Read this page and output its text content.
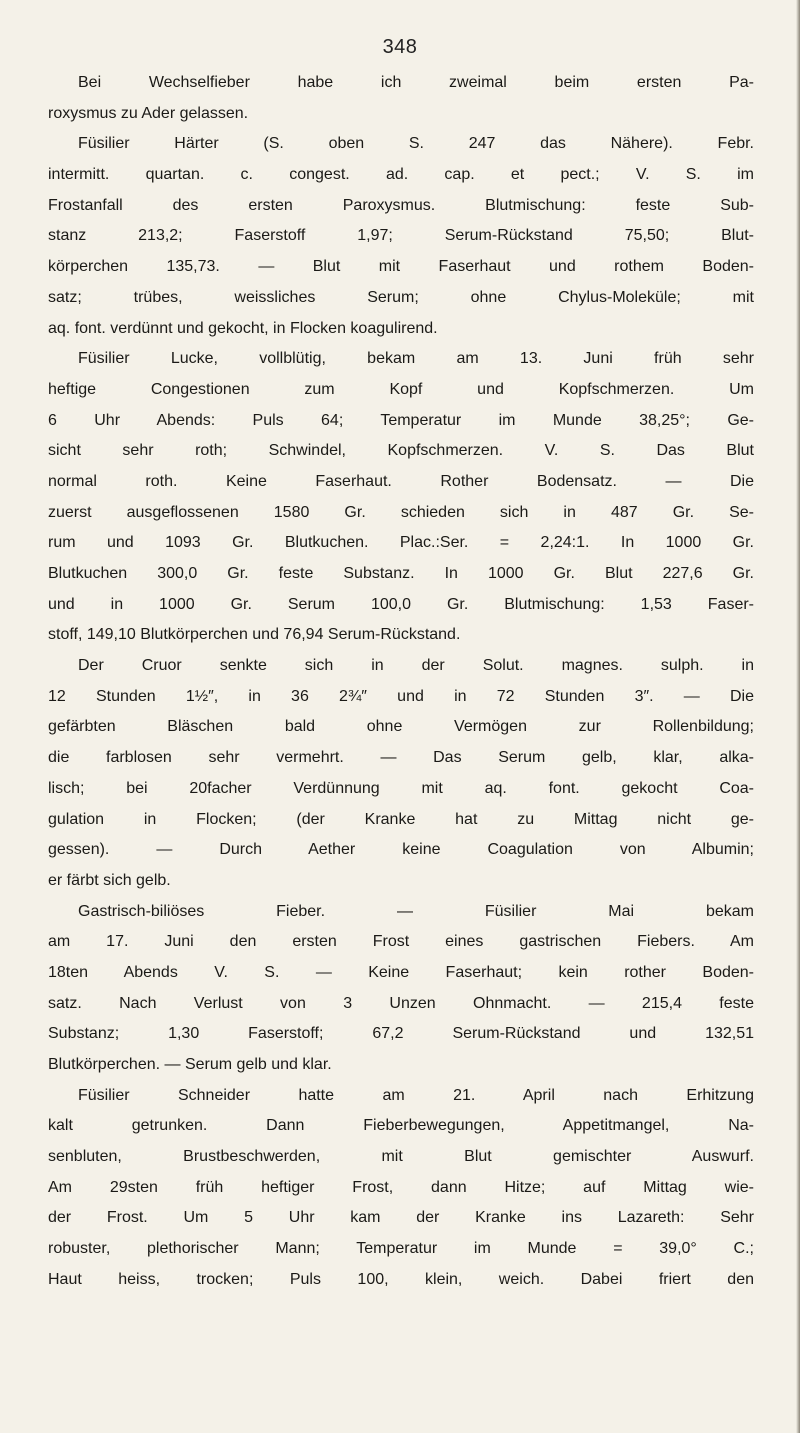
348
Bei Wechselfieber habe ich zweimal beim ersten Pa-
roxysmus zu Ader gelassen.
Füsilier Härter (S. oben S. 247 das Nähere). Febr.
intermitt. quartan. c. congest. ad. cap. et pect.; V. S. im
Frostanfall des ersten Paroxysmus. Blutmischung: feste Sub-
stanz 213,2; Faserstoff 1,97; Serum-Rückstand 75,50; Blut-
körperchen 135,73. — Blut mit Faserhaut und rothem Boden-
satz; trübes, weissliches Serum; ohne Chylus-Moleküle; mit
aq. font. verdünnt und gekocht, in Flocken koagulirend.
Füsilier Lucke, vollblütig, bekam am 13. Juni früh sehr
heftige Congestionen zum Kopf und Kopfschmerzen. Um
6 Uhr Abends: Puls 64; Temperatur im Munde 38,25°; Ge-
sicht sehr roth; Schwindel, Kopfschmerzen. V. S. Das Blut
normal roth. Keine Faserhaut. Rother Bodensatz. — Die
zuerst ausgeflossenen 1580 Gr. schieden sich in 487 Gr. Se-
rum und 1093 Gr. Blutkuchen. Plac.:Ser. = 2,24:1. In 1000 Gr.
Blutkuchen 300,0 Gr. feste Substanz. In 1000 Gr. Blut 227,6 Gr.
und in 1000 Gr. Serum 100,0 Gr. Blutmischung: 1,53 Faser-
stoff, 149,10 Blutkörperchen und 76,94 Serum-Rückstand.
Der Cruor senkte sich in der Solut. magnes. sulph. in
12 Stunden 1½″, in 36 2¾″ und in 72 Stunden 3″. — Die
gefärbten Bläschen bald ohne Vermögen zur Rollenbildung;
die farblosen sehr vermehrt. — Das Serum gelb, klar, alka-
lisch; bei 20facher Verdünnung mit aq. font. gekocht Coa-
gulation in Flocken; (der Kranke hat zu Mittag nicht ge-
gessen). — Durch Aether keine Coagulation von Albumin;
er färbt sich gelb.
Gastrisch-biliöses Fieber. — Füsilier Mai bekam
am 17. Juni den ersten Frost eines gastrischen Fiebers. Am
18ten Abends V. S. — Keine Faserhaut; kein rother Boden-
satz. Nach Verlust von 3 Unzen Ohnmacht. — 215,4 feste
Substanz; 1,30 Faserstoff; 67,2 Serum-Rückstand und 132,51
Blutkörperchen. — Serum gelb und klar.
Füsilier Schneider hatte am 21. April nach Erhitzung
kalt getrunken. Dann Fieberbewegungen, Appetitmangel, Na-
senbluten, Brustbeschwerden, mit Blut gemischter Auswurf.
Am 29sten früh heftiger Frost, dann Hitze; auf Mittag wie-
der Frost. Um 5 Uhr kam der Kranke ins Lazareth: Sehr
robuster, plethorischer Mann; Temperatur im Munde = 39,0° C.;
Haut heiss, trocken; Puls 100, klein, weich. Dabei friert den
